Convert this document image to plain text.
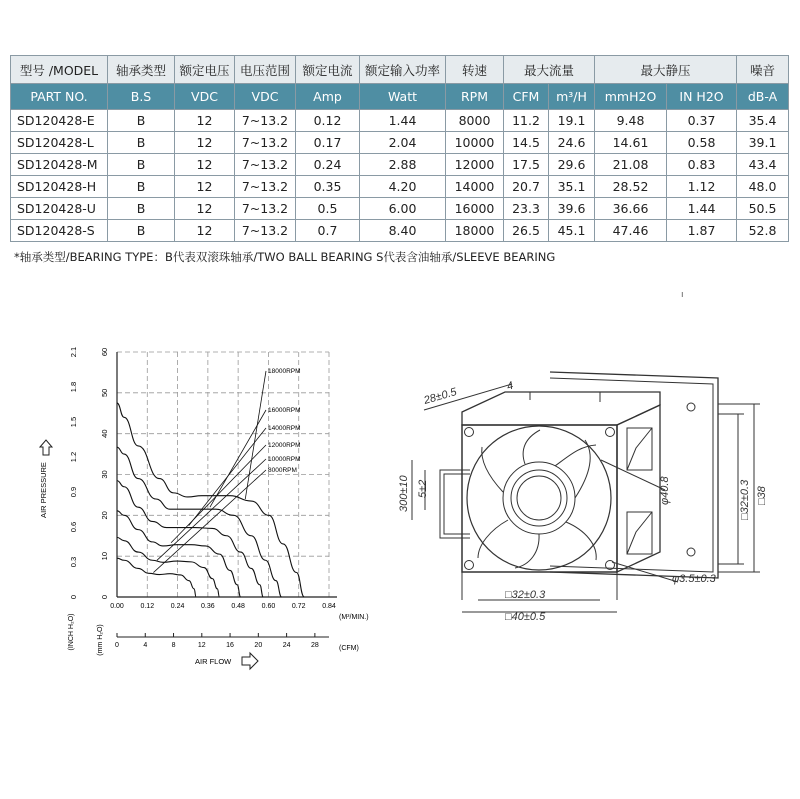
型号 /MODEL	轴承类型	额定电压	电压范围	额定电流	额定输入功率	转速	最大流量		最大静压		噪音
PART NO.	B.S	VDC	VDC	Amp	Watt	RPM	CFM	m³/H	mmH2O	IN H2O	dB-A
SD120428-E	B	12	7~13.2	0.12	1.44	8000	11.2	19.1	9.48	0.37	35.4
SD120428-L	B	12	7~13.2	0.17	2.04	10000	14.5	24.6	14.61	0.58	39.1
SD120428-M	B	12	7~13.2	0.24	2.88	12000	17.5	29.6	21.08	0.83	43.4
SD120428-H	B	12	7~13.2	0.35	4.20	14000	20.7	35.1	28.52	1.12	48.0
SD120428-U	B	12	7~13.2	0.5	6.00	16000	23.3	39.6	36.66	1.44	50.5
SD120428-S	B	12	7~13.2	0.7	8.40	18000	26.5	45.1	47.46	1.87	52.8
*轴承类型/BEARING TYPE：B代表双滚珠轴承/TWO BALL BEARING S代表含油轴承/SLEEVE BEARING
ı
0
10
20
30
40
50
60
0
0.3
0.6
0.9
1.2
1.5
1.8
2.1
(mm H₂O)
(INCH H₂O)
AIR PRESSURE
0.00 0.12 0.24 0.36 0.48 0.60 0.72 0.84
(M³/MIN.)
0	4	8	12	16	20	24	28	(CFM)
AIR FLOW
18000RPM
16000RPM
14000RPM
12000RPM
10000RPM
8000RPM
28±0.5	4
300±10 5±2
□32±0.3
□40±0.5
□32±0.3 □38
φ40.8
φ3.5±0.3
